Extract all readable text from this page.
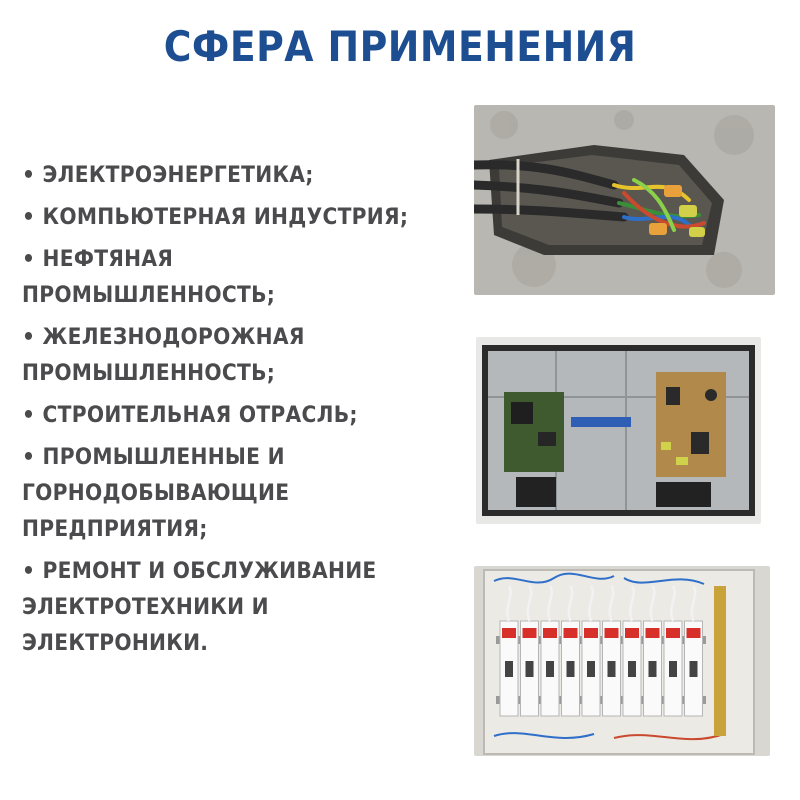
СФЕРА ПРИМЕНЕНИЯ
• ЭЛЕКТРОЭНЕРГЕТИКА;
• КОМПЬЮТЕРНАЯ ИНДУСТРИЯ;
• НЕФТЯНАЯ ПРОМЫШЛЕННОСТЬ;
• ЖЕЛЕЗНОДОРОЖНАЯ ПРОМЫШЛЕННОСТЬ;
• СТРОИТЕЛЬНАЯ ОТРАСЛЬ;
• ПРОМЫШЛЕННЫЕ И ГОРНОДОБЫВАЮЩИЕ ПРЕДПРИЯТИЯ;
• РЕМОНТ И ОБСЛУЖИВАНИЕ ЭЛЕКТРОТЕХНИКИ И ЭЛЕКТРОНИКИ.
